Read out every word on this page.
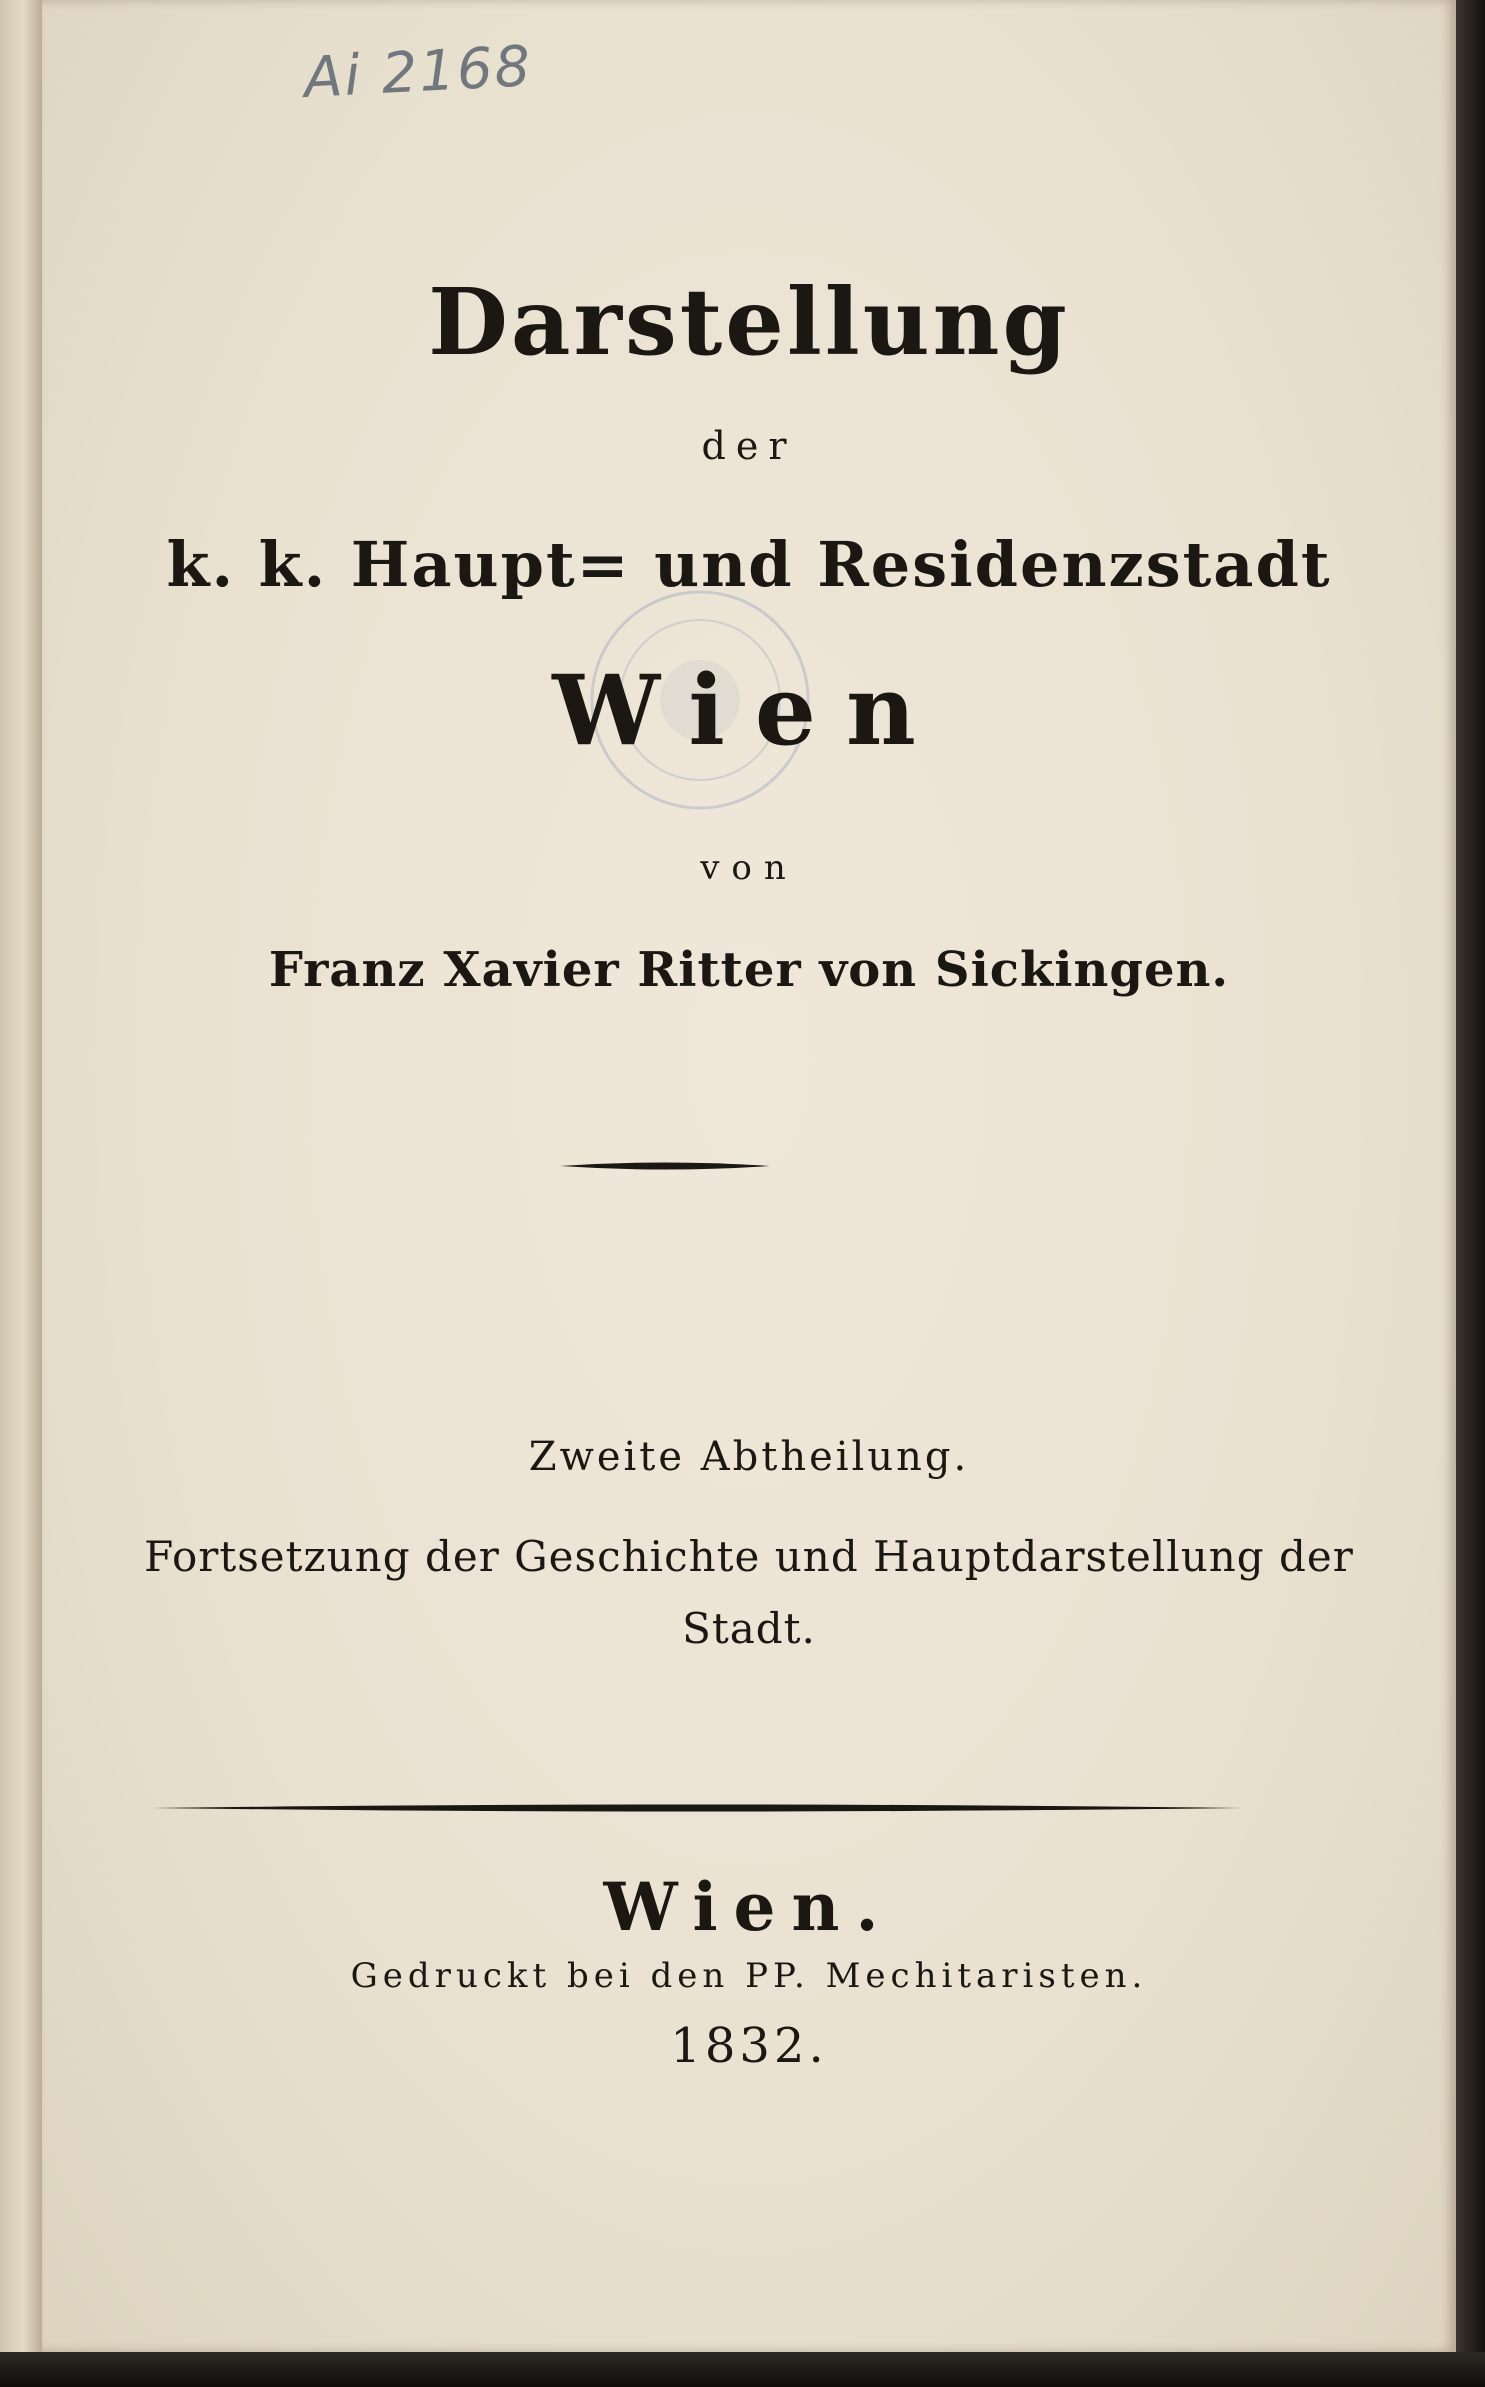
Ai 2168
Darstellung
der
k. k. Haupt= und Residenzstadt
Wien
von
Franz Xavier Ritter von Sickingen.
Zweite Abtheilung.
Fortsetzung der Geschichte und Hauptdarstellung der
Stadt.
Wien.
Gedruckt bei den PP. Mechitaristen.
1832.
